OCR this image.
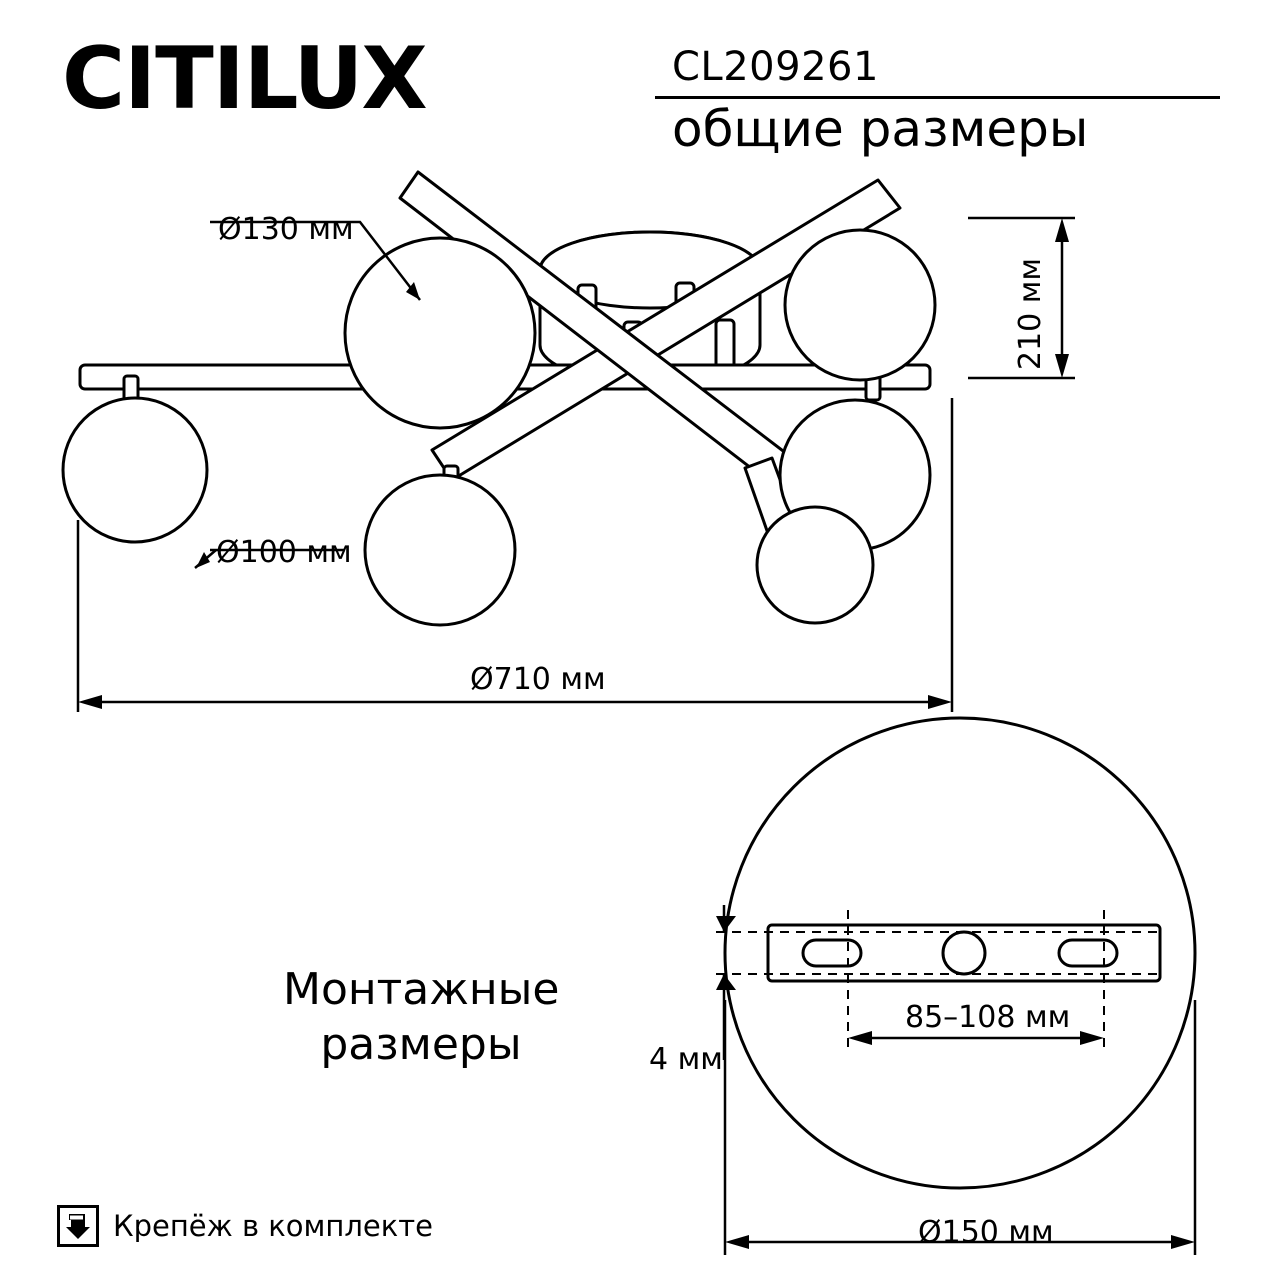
CITILUX	CL209261
общие размеры
Ø130 мм
Ø100 мм
Ø710 мм
210 мм
Монтажные
размеры	4 мм
85–108 мм
Ø150 мм
Крепёж в комплекте
